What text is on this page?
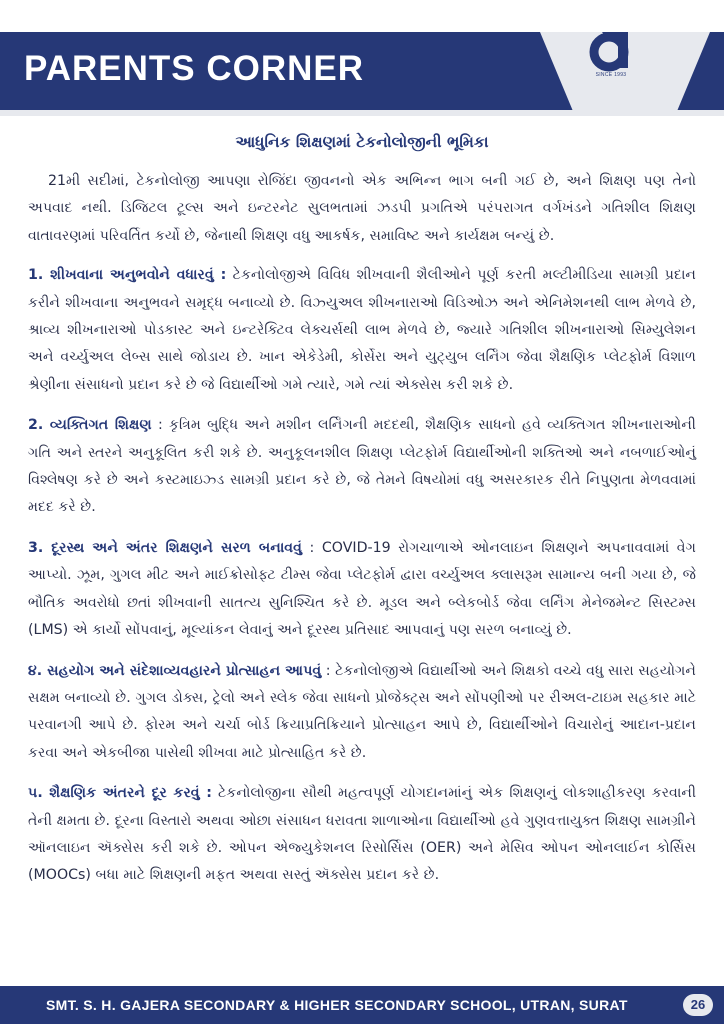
PARENTS CORNER	SINCE 1993
આધુનિક શિક્ષણમાં ટેકનોલોજીની ભૂમિકા

21મી સદીમાં, ટેકનોલોજી આપણા રોજિંદા જીવનનો એક અભિન્ન ભાગ બની ગઈ છે, અને શિક્ષણ પણ તેનો અપવાદ નથી. ડિજિટલ ટૂલ્સ અને ઇન્ટરનેટ સુલભતામાં ઝડપી પ્રગતિએ પરંપરાગત વર્ગખંડને ગતિશીલ શિક્ષણ વાતાવરણમાં પરિવર્તિત કર્યો છે, જેનાથી શિક્ષણ વધુ આકર્ષક, સમાવિષ્ટ અને કાર્યક્ષમ બન્યું છે.

1. શીખવાના અનુભવોને વધારવું : ટેકનોલોજીએ વિવિધ શીખવાની શૈલીઓને પૂર્ણ કરતી મલ્ટીમીડિયા સામગ્રી પ્રદાન કરીને શીખવાના અનુભવને સમૃદ્ધ બનાવ્યો છે. વિઝ્યુઅલ શીખનારાઓ વિડિઓઝ અને એનિમેશનથી લાભ મેળવે છે, શ્રાવ્ય શીખનારાઓ પોડકાસ્ટ અને ઇન્ટરેક્ટિવ લેક્ચર્સથી લાભ મેળવે છે, જ્યારે ગતિશીલ શીખનારાઓ સિમ્યુલેશન અને વર્ચ્યુઅલ લેબ્સ સાથે જોડાય છે. ખાન એકેડેમી, કોર્સેરા અને યુટ્યુબ લર્નિંગ જેવા શૈક્ષણિક પ્લેટફોર્મ વિશાળ શ્રેણીના સંસાધનો પ્રદાન કરે છે જે વિદ્યાર્થીઓ ગમે ત્યારે, ગમે ત્યાં એક્સેસ કરી શકે છે.

2. વ્યક્તિગત શિક્ષણ : કૃત્રિમ બુદ્ધિ અને મશીન લર્નિંગની મદદથી, શૈક્ષણિક સાધનો હવે વ્યક્તિગત શીખનારાઓની ગતિ અને સ્તરને અનુકૂલિત કરી શકે છે. અનુકૂલનશીલ શિક્ષણ પ્લેટફોર્મ વિદ્યાર્થીઓની શક્તિઓ અને નબળાઈઓનું વિશ્લેષણ કરે છે અને કસ્ટમાઇઝ્ડ સામગ્રી પ્રદાન કરે છે, જે તેમને વિષયોમાં વધુ અસરકારક રીતે નિપુણતા મેળવવામાં મદદ કરે છે.

3. દૂરસ્થ અને અંતર શિક્ષણને સરળ બનાવવું : COVID-19 રોગચાળાએ ઓનલાઇન શિક્ષણને અપનાવવામાં વેગ આપ્યો. ઝૂમ, ગુગલ મીટ અને માઈક્રોસોફ્ટ ટીમ્સ જેવા પ્લેટફોર્મ દ્વારા વર્ચ્યુઅલ ક્લાસરૂમ સામાન્ય બની ગયા છે, જે ભૌતિક અવરોધો છતાં શીખવાની સાતત્ય સુનિશ્ચિત કરે છે. મૂડલ અને બ્લેકબોર્ડ જેવા લર્નિંગ મેનેજમેન્ટ સિસ્ટમ્સ (LMS) એ કાર્યો સોંપવાનું, મૂલ્યાંકન લેવાનું અને દૂરસ્થ પ્રતિસાદ આપવાનું પણ સરળ બનાવ્યું છે.

૪. સહયોગ અને સંદેશાવ્યવહારને પ્રોત્સાહન આપવું : ટેકનોલોજીએ વિદ્યાર્થીઓ અને શિક્ષકો વચ્ચે વધુ સારા સહયોગને સક્ષમ બનાવ્યો છે. ગુગલ ડોક્સ, ટ્રેલો અને સ્લેક જેવા સાધનો પ્રોજેક્ટ્સ અને સોંપણીઓ પર રીઅલ-ટાઇમ સહકાર માટે પરવાનગી આપે છે. ફોરમ અને ચર્ચા બોર્ડ ક્રિયાપ્રતિક્રિયાને પ્રોત્સાહન આપે છે, વિદ્યાર્થીઓને વિચારોનું આદાન-પ્રદાન કરવા અને એકબીજા પાસેથી શીખવા માટે પ્રોત્સાહિત કરે છે.

૫. શૈક્ષણિક અંતરને દૂર કરવું : ટેકનોલોજીના સૌથી મહત્વપૂર્ણ યોગદાનમાંનું એક શિક્ષણનું લોકશાહીકરણ કરવાની તેની ક્ષમતા છે. દૂરના વિસ્તારો અથવા ઓછા સંસાધન ધરાવતા શાળાઓના વિદ્યાર્થીઓ હવે ગુણવત્તાયુક્ત શિક્ષણ સામગ્રીને ઑનલાઇન ઍક્સેસ કરી શકે છે. ઓપન એજ્યુકેશનલ રિસોર્સિસ (OER) અને મેસિવ ઓપન ઓનલાઈન કોર્સિસ (MOOCs) બધા માટે શિક્ષણની મફત અથવા સસ્તું ઍક્સેસ પ્રદાન કરે છે.

SMT. S. H. GAJERA SECONDARY & HIGHER SECONDARY SCHOOL, UTRAN, SURAT	26
